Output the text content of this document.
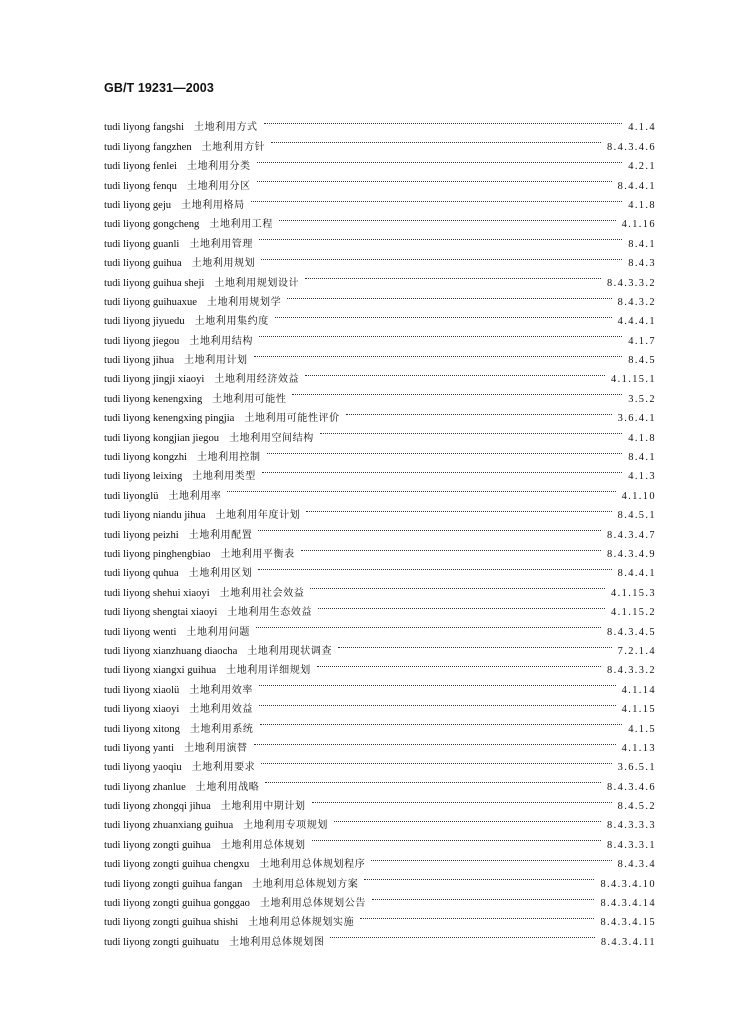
GB/T 19231—2003
tudi liyong fangshi 土地利用方式	4.1.4
tudi liyong fangzhen 土地利用方针	8.4.3.4.6
tudi liyong fenlei 土地利用分类	4.2.1
tudi liyong fenqu 土地利用分区	8.4.4.1
tudi liyong geju 土地利用格局	4.1.8
tudi liyong gongcheng 土地利用工程	4.1.16
tudi liyong guanli 土地利用管理	8.4.1
tudi liyong guihua 土地利用规划	8.4.3
tudi liyong guihua sheji 土地利用规划设计	8.4.3.3.2
tudi liyong guihuaxue 土地利用规划学	8.4.3.2
tudi liyong jiyuedu 土地利用集约度	4.4.4.1
tudi liyong jiegou 土地利用结构	4.1.7
tudi liyong jihua 土地利用计划	8.4.5
tudi liyong jingji xiaoyi 土地利用经济效益	4.1.15.1
tudi liyong kenengxing 土地利用可能性	3.5.2
tudi liyong kenengxing pingjia 土地利用可能性评价	3.6.4.1
tudi liyong kongjian jiegou 土地利用空间结构	4.1.8
tudi liyong kongzhi 土地利用控制	8.4.1
tudi liyong leixing 土地利用类型	4.1.3
tudi liyonglü 土地利用率	4.1.10
tudi liyong niandu jihua 土地利用年度计划	8.4.5.1
tudi liyong peizhi 土地利用配置	8.4.3.4.7
tudi liyong pinghengbiao 土地利用平衡表	8.4.3.4.9
tudi liyong quhua 土地利用区划	8.4.4.1
tudi liyong shehui xiaoyi 土地利用社会效益	4.1.15.3
tudi liyong shengtai xiaoyi 土地利用生态效益	4.1.15.2
tudi liyong wenti 土地利用问题	8.4.3.4.5
tudi liyong xianzhuang diaocha 土地利用现状调查	7.2.1.4
tudi liyong xiangxi guihua 土地利用详细规划	8.4.3.3.2
tudi liyong xiaolü 土地利用效率	4.1.14
tudi liyong xiaoyi 土地利用效益	4.1.15
tudi liyong xitong 土地利用系统	4.1.5
tudi liyong yanti 土地利用演替	4.1.13
tudi liyong yaoqiu 土地利用要求	3.6.5.1
tudi liyong zhanlue 土地利用战略	8.4.3.4.6
tudi liyong zhongqi jihua 土地利用中期计划	8.4.5.2
tudi liyong zhuanxiang guihua 土地利用专项规划	8.4.3.3.3
tudi liyong zongti guihua 土地利用总体规划	8.4.3.3.1
tudi liyong zongti guihua chengxu 土地利用总体规划程序	8.4.3.4
tudi liyong zongti guihua fangan 土地利用总体规划方案	8.4.3.4.10
tudi liyong zongti guihua gonggao 土地利用总体规划公告	8.4.3.4.14
tudi liyong zongti guihua shishi 土地利用总体规划实施	8.4.3.4.15
tudi liyong zongti guihuatu 土地利用总体规划图	8.4.3.4.11
